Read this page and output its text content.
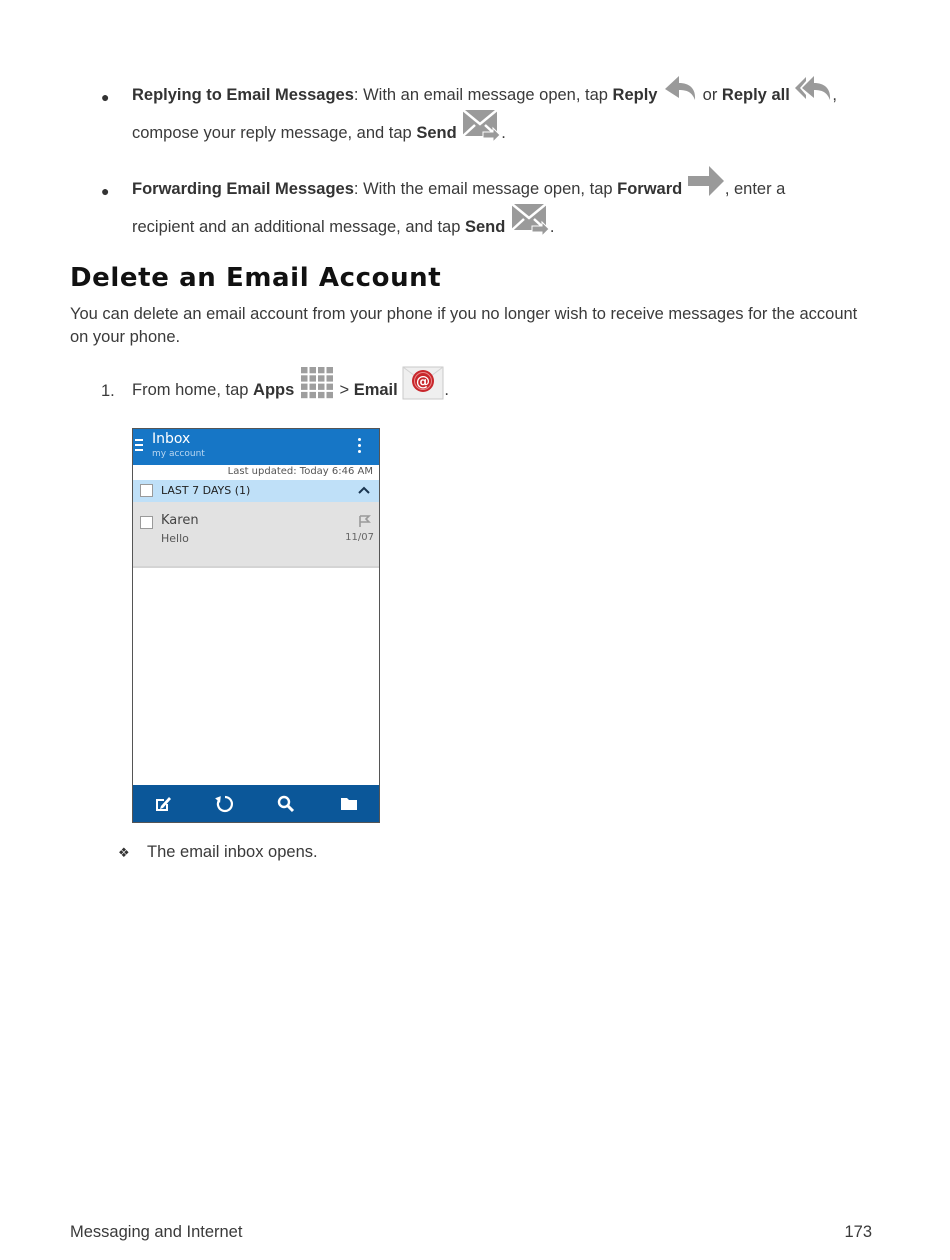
● Replying to Email Messages: With an email message open, tap Reply
or Reply all	,
compose your reply message, and tap Send	.
● Forwarding Email Messages: With the email message open, tap Forward	, enter a
recipient and an additional message, and tap Send	.
Delete an Email Account
You can delete an email account from your phone if you no longer wish to receive messages for the account on your phone.
1. From home, tap Apps
> Email @ .
Inbox
my account
Last updated: Today 6:46 AM
LAST 7 DAYS (1)
Karen
Hello	11/07
❖ The email inbox opens.
Messaging and Internet	173
